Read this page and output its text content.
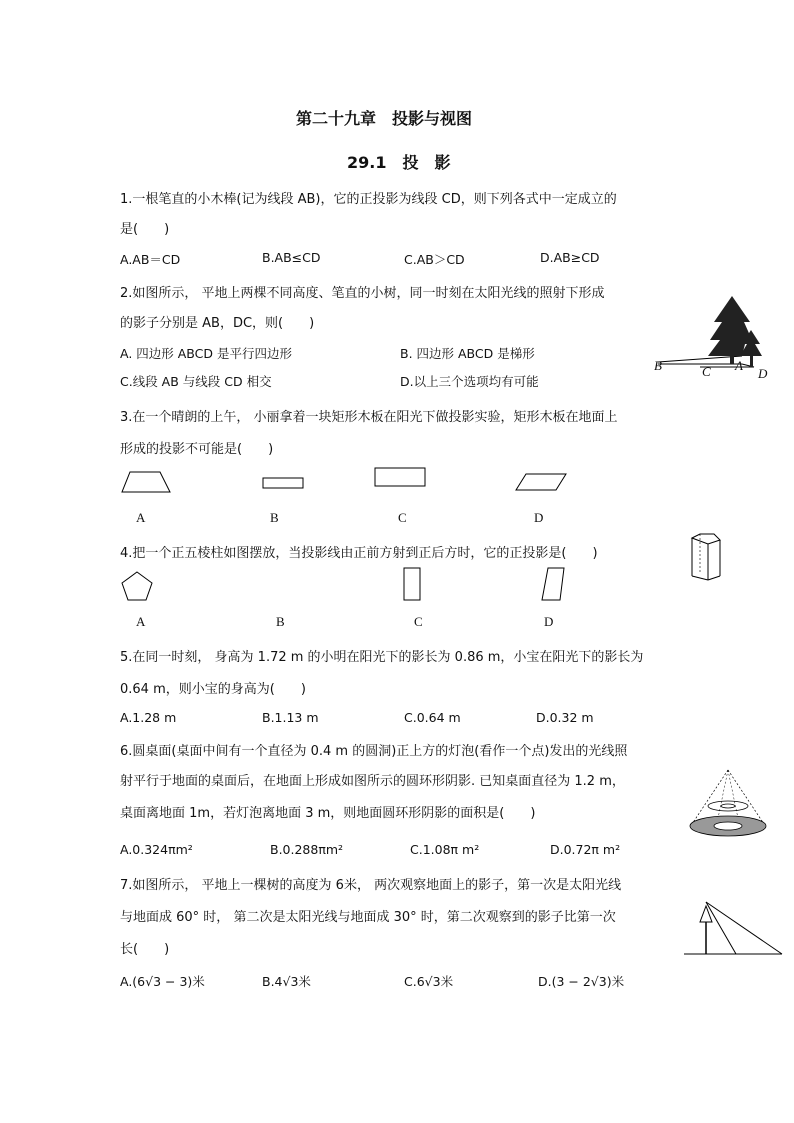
第二十九章　投影与视图
29.1　投　影
1.一根笔直的小木棒(记为线段 AB)，它的正投影为线段 CD，则下列各式中一定成立的
是(　　)
A.AB＝CD	B.AB≤CD	C.AB＞CD	D.AB≥CD
2.如图所示， 平地上两棵不同高度、笔直的小树，同一时刻在太阳光线的照射下形成
的影子分别是 AB，DC，则(　　)
A. 四边形 ABCD 是平行四边形	B. 四边形 ABCD 是梯形
C.线段 AB 与线段 CD 相交	D.以上三个选项均有可能
B	C A
D
3.在一个晴朗的上午， 小丽拿着一块矩形木板在阳光下做投影实验，矩形木板在地面上
形成的投影不可能是(　　)
A	B	C	D
4.把一个正五棱柱如图摆放，当投影线由正前方射到正后方时，它的正投影是(　　)
A	B	C	D
5.在同一时刻， 身高为 1.72 m 的小明在阳光下的影长为 0.86 m，小宝在阳光下的影长为
0.64 m，则小宝的身高为(　　)
A.1.28 m	B.1.13 m	C.0.64 m	D.0.32 m
6.圆桌面(桌面中间有一个直径为 0.4 m 的圆洞)正上方的灯泡(看作一个点)发出的光线照
射平行于地面的桌面后，在地面上形成如图所示的圆环形阴影. 已知桌面直径为 1.2 m，
桌面离地面 1m，若灯泡离地面 3 m，则地面圆环形阴影的面积是(　　)
A.0.324πm²	B.0.288πm²	C.1.08π m²	D.0.72π m²
7.如图所示， 平地上一棵树的高度为 6米， 两次观察地面上的影子，第一次是太阳光线
与地面成 60° 时， 第二次是太阳光线与地面成 30° 时，第二次观察到的影子比第一次
长(　　)
A.(6√3 − 3)米	B.4√3米	C.6√3米	D.(3 − 2√3)米
